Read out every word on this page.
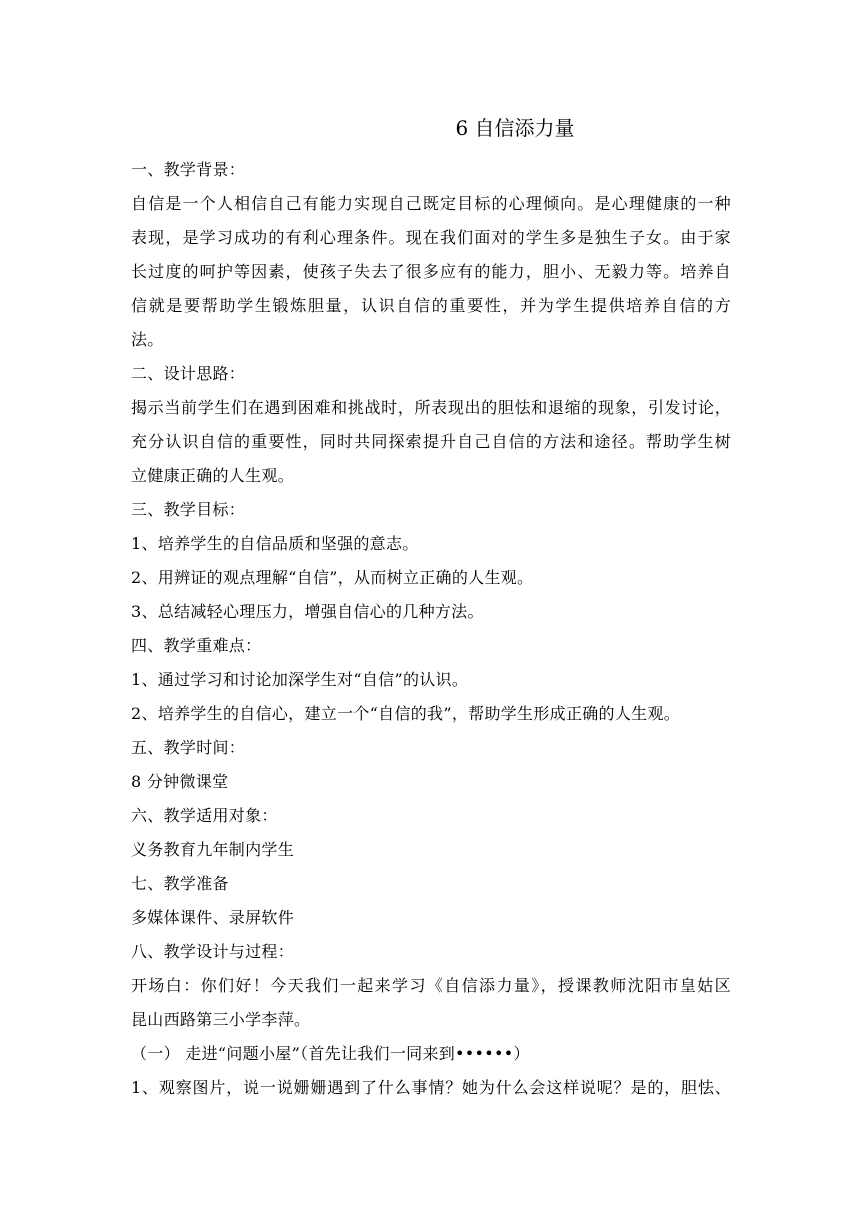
6 自信添力量
一、教学背景：
自信是一个人相信自己有能力实现自己既定目标的心理倾向。是心理健康的一种
表现，是学习成功的有利心理条件。现在我们面对的学生多是独生子女。由于家
长过度的呵护等因素，使孩子失去了很多应有的能力，胆小、无毅力等。培养自
信就是要帮助学生锻炼胆量，认识自信的重要性，并为学生提供培养自信的方
法。
二、设计思路：
揭示当前学生们在遇到困难和挑战时，所表现出的胆怯和退缩的现象，引发讨论，
充分认识自信的重要性，同时共同探索提升自己自信的方法和途径。帮助学生树
立健康正确的人生观。
三、教学目标：
1、培养学生的自信品质和坚强的意志。
2、用辨证的观点理解“自信”，从而树立正确的人生观。
3、总结减轻心理压力，增强自信心的几种方法。
四、教学重难点：
1、通过学习和讨论加深学生对“自信”的认识。
2、培养学生的自信心，建立一个“自信的我”，帮助学生形成正确的人生观。
五、教学时间：
8 分钟微课堂
六、教学适用对象：
义务教育九年制内学生
七、教学准备
多媒体课件、录屏软件
八、教学设计与过程：
开场白：你们好！今天我们一起来学习《自信添力量》，授课教师沈阳市皇姑区
昆山西路第三小学李萍。
（一） 走进“问题小屋”（首先让我们一同来到••••••）
1、观察图片，说一说姗姗遇到了什么事情？她为什么会这样说呢？是的，胆怯、
